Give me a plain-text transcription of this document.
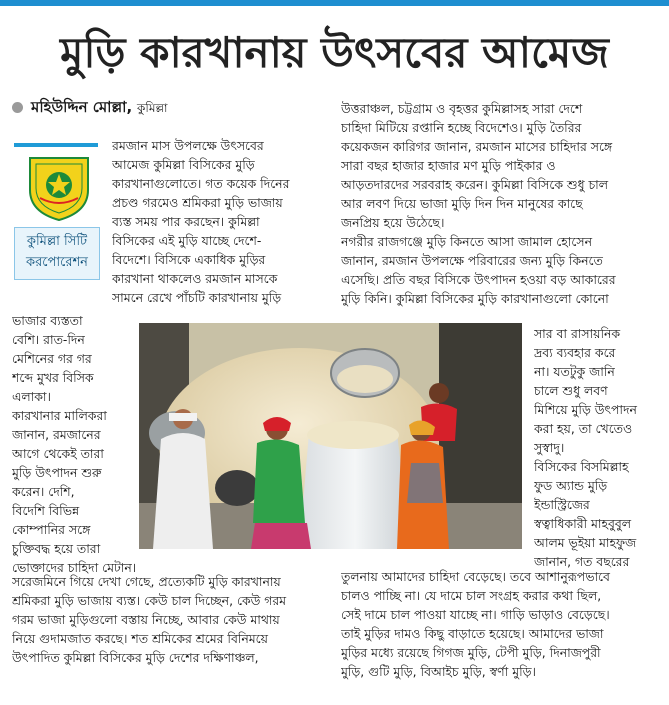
মুড়ি কারখানায় উৎসবের আমেজ
মহিউদ্দিন মোল্লা, কুমিল্লা

কুমিল্লা সিটি

করপোরেশন

রমজান মাস উপলক্ষে উৎসবের

আমেজ কুমিল্লা বিসিকের মুড়ি

কারখানাগুলোতে। গত কয়েক দিনের

প্রচণ্ড গরমেও শ্রমিকরা মুড়ি ভাজায়

ব্যস্ত সময় পার করছেন। কুমিল্লা

বিসিকের এই মুড়ি যাচ্ছে দেশে-

বিদেশে। বিসিকে একাধিক মুড়ির

কারখানা থাকলেও রমজান মাসকে

সামনে রেখে পাঁচটি কারখানায় মুড়ি

ভাজার ব্যস্ততা

বেশি। রাত-দিন

মেশিনের গর গর

শব্দে মুখর বিসিক

এলাকা।

কারখানার মালিকরা

জানান, রমজানের

আগে থেকেই তারা

মুড়ি উৎপাদন শুরু

করেন। দেশি,

বিদেশি বিভিন্ন

কোম্পানির সঙ্গে

চুক্তিবদ্ধ হয়ে তারা

ভোক্তাদের চাহিদা মেটান।

সরেজমিনে গিয়ে দেখা গেছে, প্রত্যেকটি মুড়ি কারখানায়

শ্রমিকরা মুড়ি ভাজায় ব্যস্ত। কেউ চাল দিচ্ছেন, কেউ গরম

গরম ভাজা মুড়িগুলো বস্তায় নিচ্ছে, আবার কেউ মাথায়

নিয়ে গুদামজাত করছে। শত শ্রমিকের শ্রমের বিনিময়ে

উৎপাদিত কুমিল্লা বিসিকের মুড়ি দেশের দক্ষিণাঞ্চল,

উত্তরাঞ্চল, চট্টগ্রাম ও বৃহত্তর কুমিল্লাসহ সারা দেশে

চাহিদা মিটিয়ে রপ্তানি হচ্ছে বিদেশেও। মুড়ি তৈরির

কয়েকজন কারিগর জানান, রমজান মাসের চাহিদার সঙ্গে

সারা বছর হাজার হাজার মণ মুড়ি পাইকার ও

আড়তদারদের সরবরাহ করেন। কুমিল্লা বিসিকে শুধু চাল

আর লবণ দিয়ে ভাজা মুড়ি দিন দিন মানুষের কাছে

জনপ্রিয় হয়ে উঠেছে।

নগরীর রাজগঞ্জে মুড়ি কিনতে আসা জামাল হোসেন

জানান, রমজান উপলক্ষে পরিবারের জন্য মুড়ি কিনতে

এসেছি। প্রতি বছর বিসিকে উৎপাদন হওয়া বড় আকারের

মুড়ি কিনি। কুমিল্লা বিসিকের মুড়ি কারখানাগুলো কোনো

সার বা রাসায়নিক

দ্রব্য ব্যবহার করে

না। যতটুকু জানি

চালে শুধু লবণ

মিশিয়ে মুড়ি উৎপাদন

করা হয়, তা খেতেও

সুস্বাদু।

বিসিকের বিসমিল্লাহ

ফুড অ্যান্ড মুড়ি

ইন্ডাস্ট্রিজের

স্বত্বাধিকারী মাহবুবুল

আলম ভূইয়া মাহফুজ

জানান, গত বছরের

তুলনায় আমাদের চাহিদা বেড়েছে। তবে আশানুরূপভাবে

চালও পাচ্ছি না। যে দামে চাল সংগ্রহ করার কথা ছিল,

সেই দামে চাল পাওয়া যাচ্ছে না। গাড়ি ভাড়াও বেড়েছে।

তাই মুড়ির দামও কিছু বাড়াতে হয়েছে। আমাদের ভাজা

মুড়ির মধ্যে রয়েছে গিগজ মুড়ি, টেপী মুড়ি, দিনাজপুরী

মুড়ি, গুটি মুড়ি, বিআইচ মুড়ি, স্বর্ণা মুড়ি।
